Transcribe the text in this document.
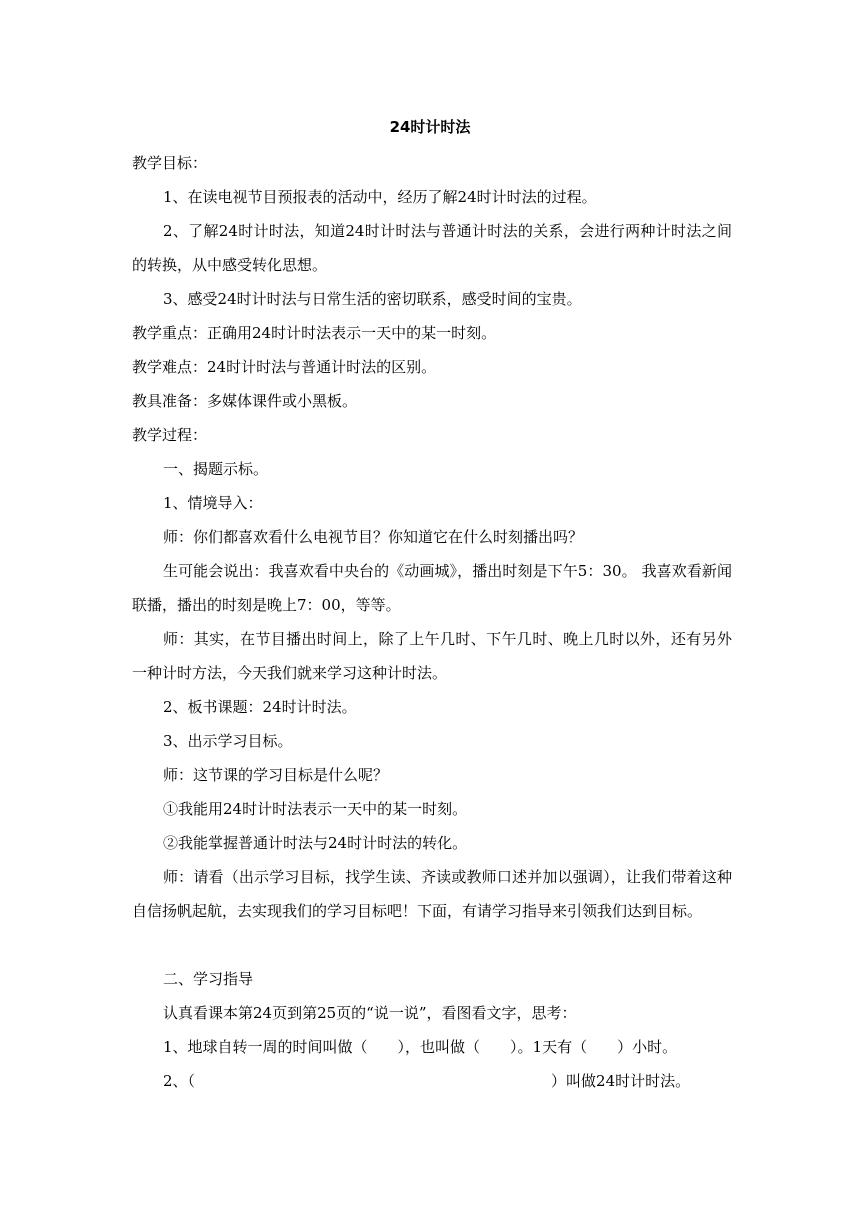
24时计时法
教学目标：
1、在读电视节目预报表的活动中，经历了解24时计时法的过程。
2、了解24时计时法，知道24时计时法与普通计时法的关系，会进行两种计时法之间的转换，从中感受转化思想。
3、感受24时计时法与日常生活的密切联系，感受时间的宝贵。
教学重点：正确用24时计时法表示一天中的某一时刻。
教学难点：24时计时法与普通计时法的区别。
教具准备：多媒体课件或小黑板。
教学过程：
一、揭题示标。
1、情境导入：
师：你们都喜欢看什么电视节目？你知道它在什么时刻播出吗？
生可能会说出：我喜欢看中央台的《动画城》，播出时刻是下午5：30。 我喜欢看新闻联播，播出的时刻是晚上7：00，等等。
师：其实，在节目播出时间上，除了上午几时、下午几时、晚上几时以外，还有另外一种计时方法，今天我们就来学习这种计时法。
2、板书课题：24时计时法。
3、出示学习目标。
师：这节课的学习目标是什么呢？
①我能用24时计时法表示一天中的某一时刻。
②我能掌握普通计时法与24时计时法的转化。
师：请看（出示学习目标，找学生读、齐读或教师口述并加以强调），让我们带着这种自信扬帆起航，去实现我们的学习目标吧！下面，有请学习指导来引领我们达到目标。
二、学习指导
认真看课本第24页到第25页的“说一说”，看图看文字，思考：
1、地球自转一周的时间叫做（　　），也叫做（　　）。1天有（　　）小时。
2、（	）叫做24时计时法。
